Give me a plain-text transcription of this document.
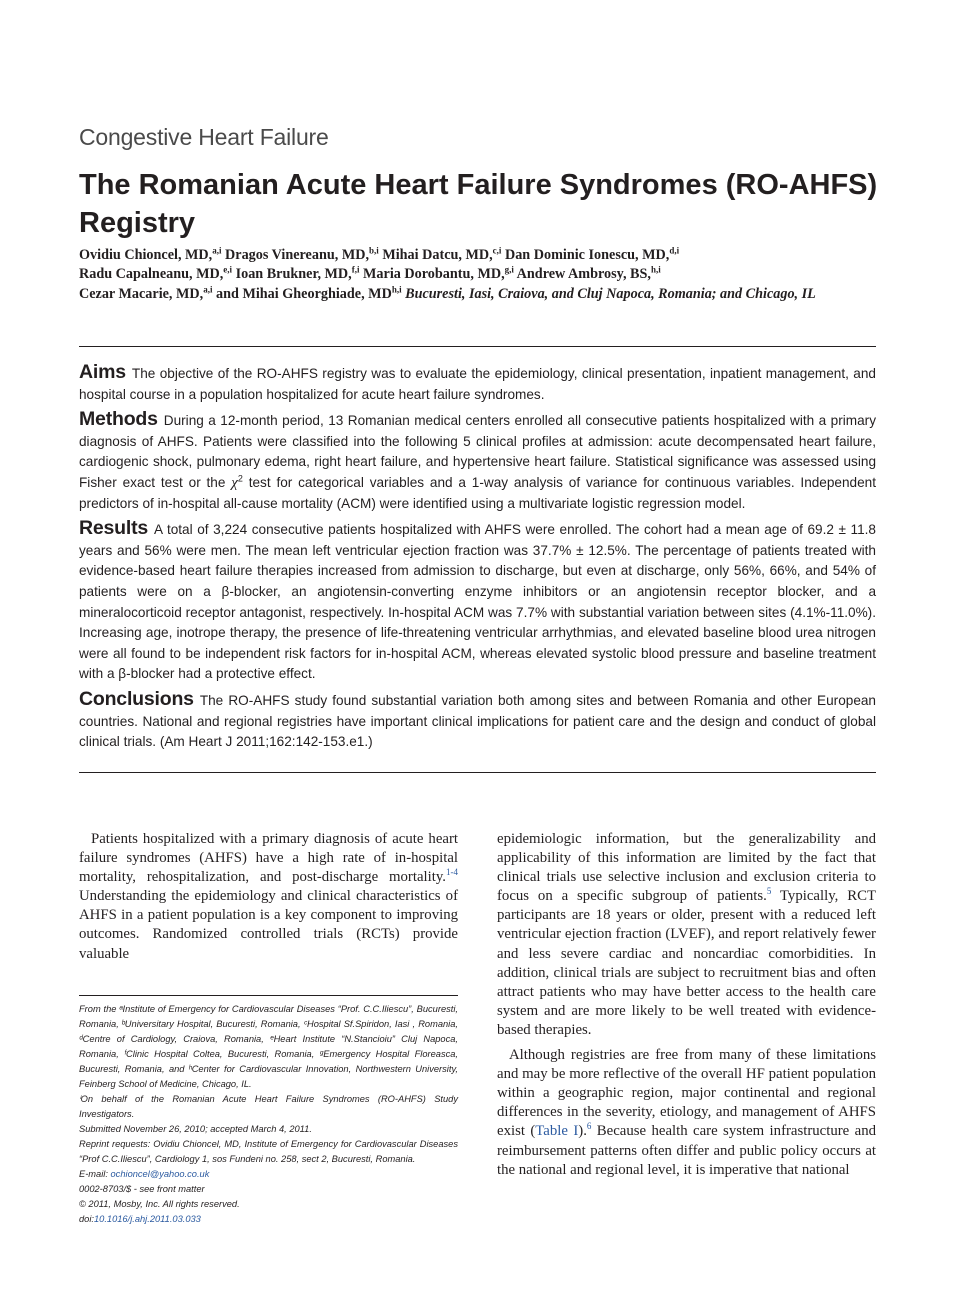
Congestive Heart Failure
The Romanian Acute Heart Failure Syndromes (RO-AHFS) Registry
Ovidiu Chioncel, MD,$^{a,i}$ Dragos Vinereanu, MD,$^{b,i}$ Mihai Datcu, MD,$^{c,i}$ Dan Dominic Ionescu, MD,$^{d,i}$
Radu Capalneanu, MD,$^{e,i}$ Ioan Brukner, MD,$^{f,i}$ Maria Dorobantu, MD,$^{g,i}$ Andrew Ambrosy, BS,$^{h,i}$
Cezar Macarie, MD,$^{a,i}$ and Mihai Gheorghiade, MD$^{h,i}$ Bucuresti, Iasi, Craiova, and Cluj Napoca, Romania; and Chicago, IL

Aims The objective of the RO-AHFS registry was to evaluate the epidemiology, clinical presentation, inpatient management, and hospital course in a population hospitalized for acute heart failure syndromes.

Methods During a 12-month period, 13 Romanian medical centers enrolled all consecutive patients hospitalized with a primary diagnosis of AHFS. Patients were classified into the following 5 clinical profiles at admission: acute decompensated heart failure, cardiogenic shock, pulmonary edema, right heart failure, and hypertensive heart failure. Statistical significance was assessed using Fisher exact test or the $\chi^2$ test for categorical variables and a 1-way analysis of variance for continuous variables. Independent predictors of in-hospital all-cause mortality (ACM) were identified using a multivariate logistic regression model.

Results A total of 3,224 consecutive patients hospitalized with AHFS were enrolled. The cohort had a mean age of 69.2 ± 11.8 years and 56% were men. The mean left ventricular ejection fraction was 37.7% ± 12.5%. The percentage of patients treated with evidence-based heart failure therapies increased from admission to discharge, but even at discharge, only 56%, 66%, and 54% of patients were on a β-blocker, an angiotensin-converting enzyme inhibitors or an angiotensin receptor blocker, and a mineralocorticoid receptor antagonist, respectively. In-hospital ACM was 7.7% with substantial variation between sites (4.1%-11.0%). Increasing age, inotrope therapy, the presence of life-threatening ventricular arrhythmias, and elevated baseline blood urea nitrogen were all found to be independent risk factors for in-hospital ACM, whereas elevated systolic blood pressure and baseline treatment with a β-blocker had a protective effect.

Conclusions The RO-AHFS study found substantial variation both among sites and between Romania and other European countries. National and regional registries have important clinical implications for patient care and the design and conduct of global clinical trials. (Am Heart J 2011;162:142-153.e1.)

Patients hospitalized with a primary diagnosis of acute heart failure syndromes (AHFS) have a high rate of in-hospital mortality, rehospitalization, and post-discharge mortality.$^{1-4}$ Understanding the epidemiology and clinical characteristics of AHFS in a patient population is a key component to improving outcomes. Randomized controlled trials (RCTs) provide valuable

From the ᵃInstitute of Emergency for Cardiovascular Diseases “Prof. C.C.Iliescu”, Bucuresti, Romania, ᵇUniversitary Hospital, Bucuresti, Romania, ᶜHospital Sf.Spiridon, Iasi , Romania, ᵈCentre of Cardiology, Craiova, Romania, ᵉHeart Institute “N.Stancioiu” Cluj Napoca, Romania, ᶠClinic Hospital Coltea, Bucuresti, Romania, ᵍEmergency Hospital Floreasca, Bucuresti, Romania, and ʰCenter for Cardiovascular Innovation, Northwestern University, Feinberg School of Medicine, Chicago, IL.

ⁱOn behalf of the Romanian Acute Heart Failure Syndromes (RO-AHFS) Study Investigators.

Submitted November 26, 2010; accepted March 4, 2011.

Reprint requests: Ovidiu Chioncel, MD, Institute of Emergency for Cardiovascular Diseases “Prof C.C.Iliescu”, Cardiology 1, sos Fundeni no. 258, sect 2, Bucuresti, Romania.

E-mail: ochioncel@yahoo.co.uk

0002-8703/$ - see front matter

© 2011, Mosby, Inc. All rights reserved.

doi:10.1016/j.ahj.2011.03.033

epidemiologic information, but the generalizability and applicability of this information are limited by the fact that clinical trials use selective inclusion and exclusion criteria to focus on a specific subgroup of patients.$^5$ Typically, RCT participants are 18 years or older, present with a reduced left ventricular ejection fraction (LVEF), and report relatively fewer and less severe cardiac and noncardiac comorbidities. In addition, clinical trials are subject to recruitment bias and often attract patients who may have better access to the health care system and are more likely to be well treated with evidence-based therapies.

Although registries are free from many of these limitations and may be more reflective of the overall HF patient population within a geographic region, major continental and regional differences in the severity, etiology, and management of AHFS exist (Table I).$^6$ Because health care system infrastructure and reimbursement patterns often differ and public policy occurs at the national and regional level, it is imperative that national
